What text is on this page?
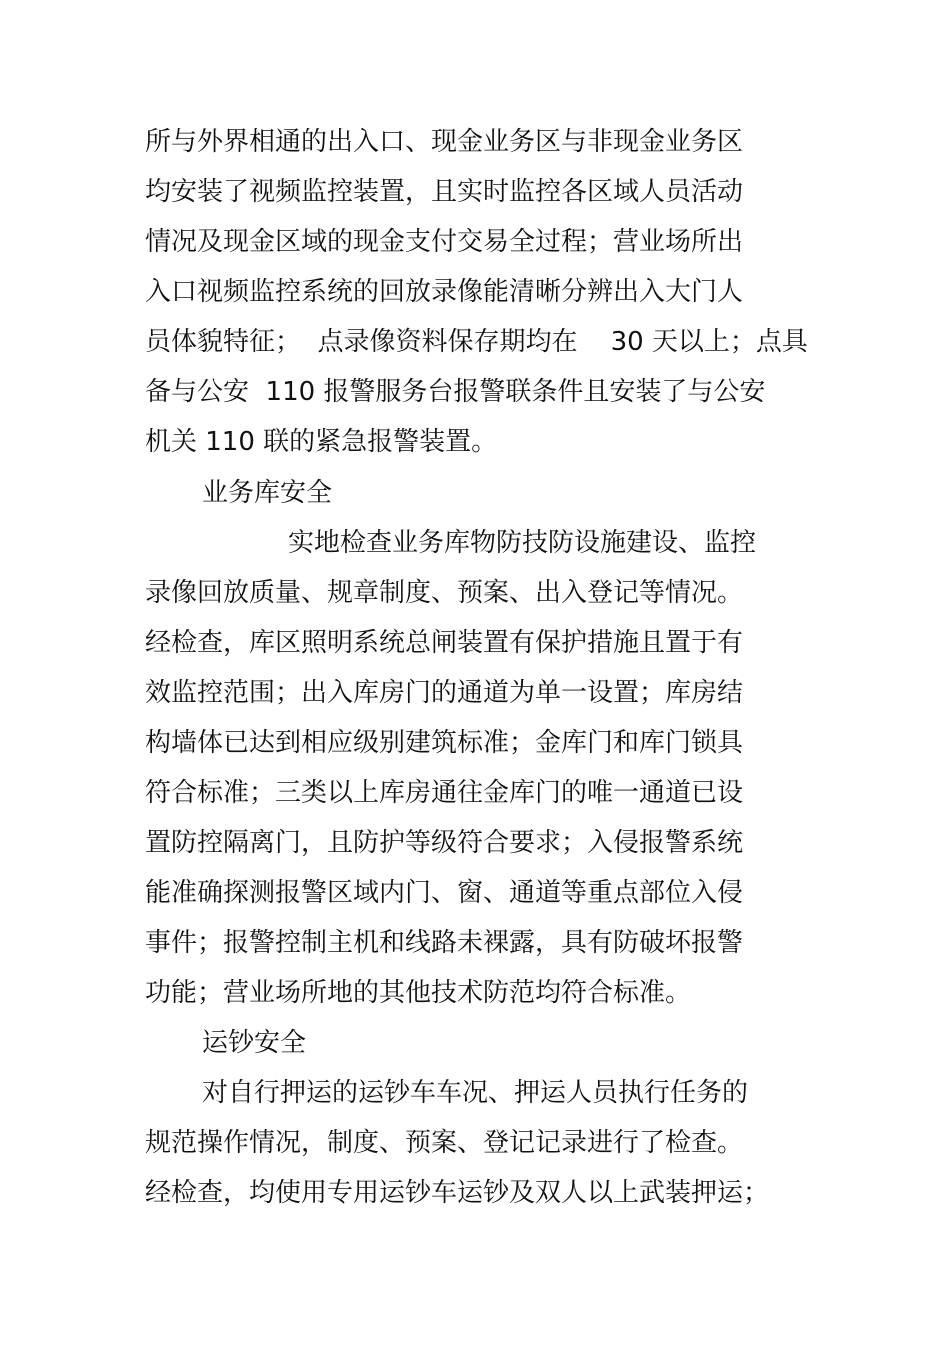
所与外界相通的出入口、现金业务区与非现金业务区
均安装了视频监控装置，且实时监控各区域人员活动
情况及现金区域的现金支付交易全过程；营业场所出
入口视频监控系统的回放录像能清晰分辨出入大门人
员体貌特征；  点录像资料保存期均在    30 天以上；点具
备与公安  110 报警服务台报警联条件且安装了与公安
机关 110 联的紧急报警装置。
业务库安全
实地检查业务库物防技防设施建设、监控
录像回放质量、规章制度、预案、出入登记等情况。
经检查，库区照明系统总闸装置有保护措施且置于有
效监控范围；出入库房门的通道为单一设置；库房结
构墙体已达到相应级别建筑标准；金库门和库门锁具
符合标准；三类以上库房通往金库门的唯一通道已设
置防控隔离门，且防护等级符合要求；入侵报警系统
能准确探测报警区域内门、窗、通道等重点部位入侵
事件；报警控制主机和线路未裸露，具有防破坏报警
功能；营业场所地的其他技术防范均符合标准。
运钞安全
对自行押运的运钞车车况、押运人员执行任务的
规范操作情况，制度、预案、登记记录进行了检查。
经检查，均使用专用运钞车运钞及双人以上武装押运；
